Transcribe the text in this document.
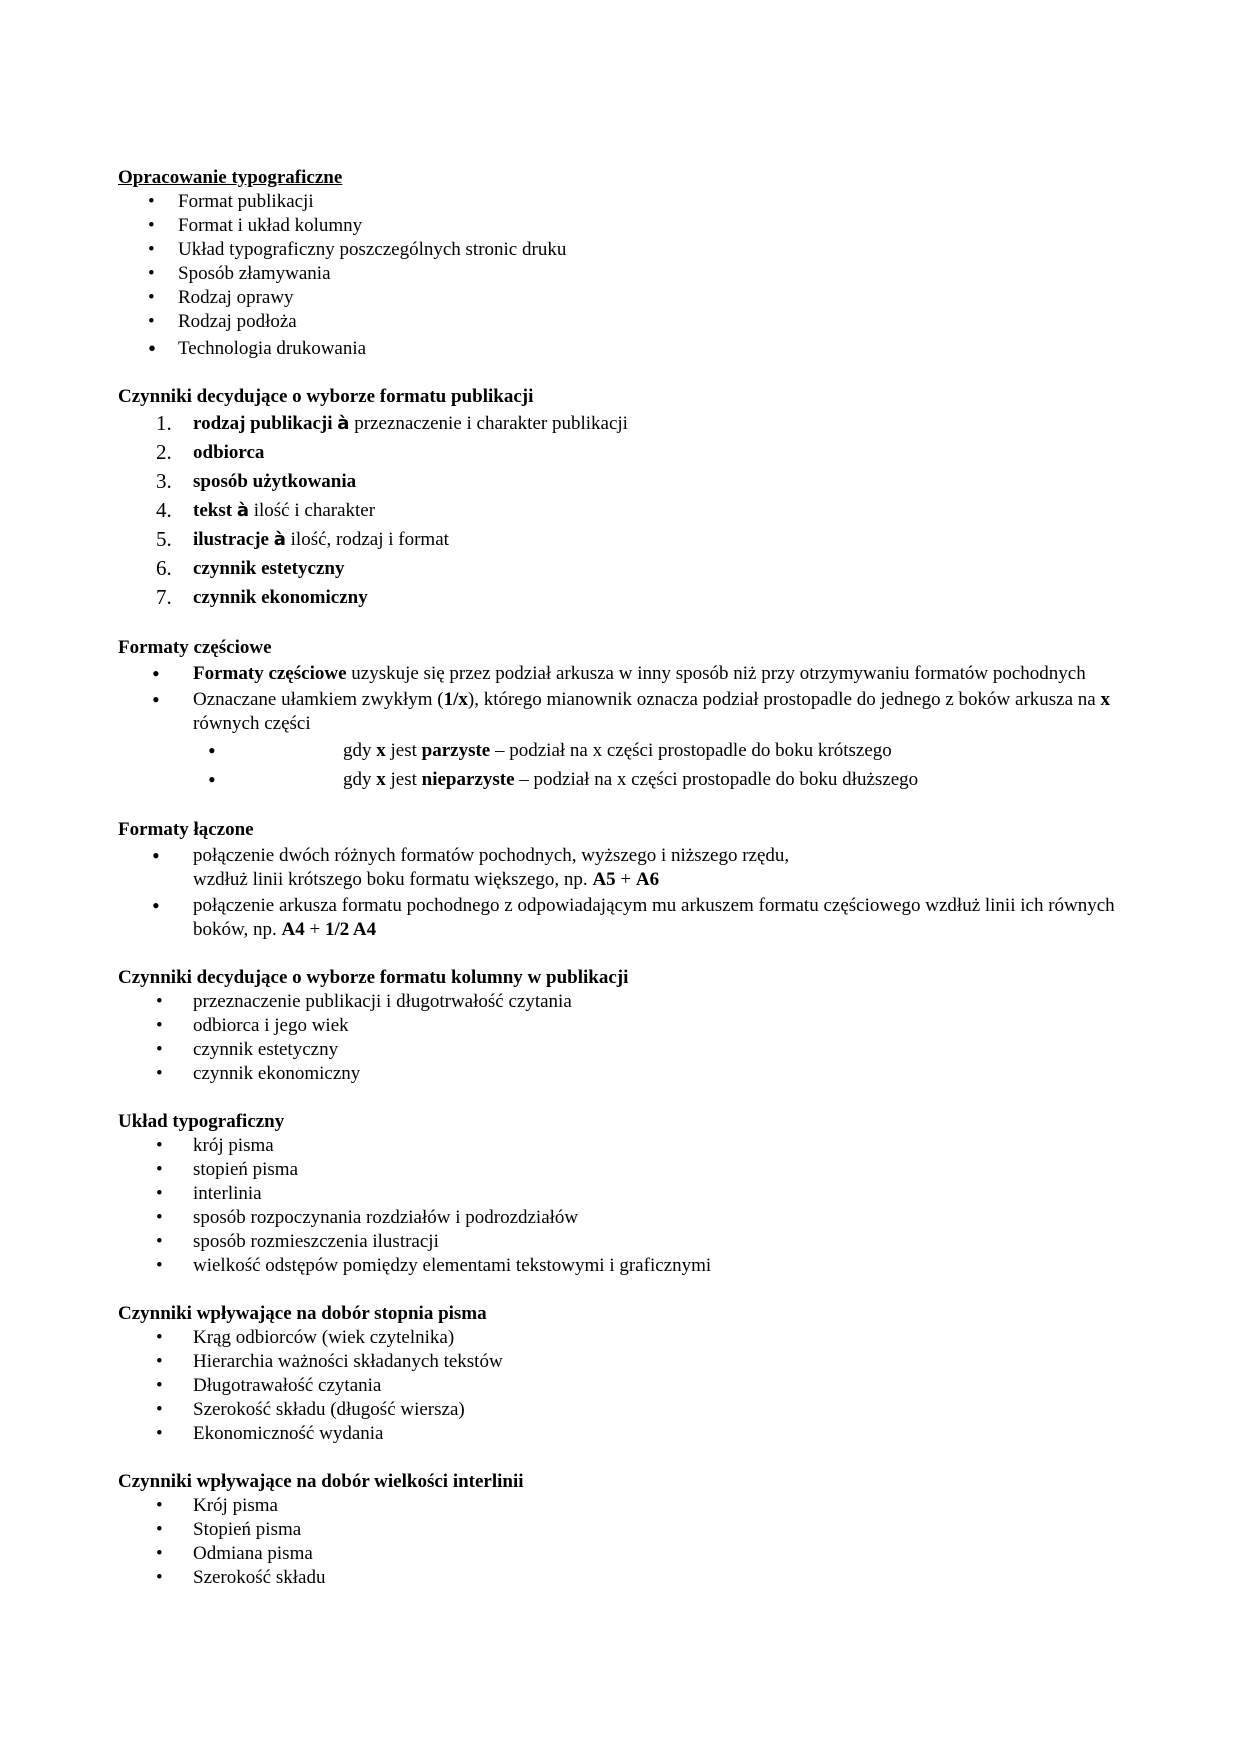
Opracowanie typograficzne
• Format publikacji
• Format i układ kolumny
• Układ typograficzny poszczególnych stronic druku
• Sposób złamywania
• Rodzaj oprawy
• Rodzaj podłoża
• Technologia drukowania
Czynniki decydujące o wyborze formatu publikacji
1. rodzaj publikacji à przeznaczenie i charakter publikacji
2. odbiorca
3. sposób użytkowania
4. tekst à ilość i charakter
5. ilustracje à ilość, rodzaj i format
6. czynnik estetyczny
7. czynnik ekonomiczny
Formaty częściowe
• Formaty częściowe uzyskuje się przez podział arkusza w inny sposób niż przy otrzymywaniu formatów pochodnych
• Oznaczane ułamkiem zwykłym (1/x), którego mianownik oznacza podział prostopadle do jednego z boków arkusza na x równych części
•	gdy x jest parzyste – podział na x części prostopadle do boku krótszego
•	gdy x jest nieparzyste – podział na x części prostopadle do boku dłuższego
Formaty łączone
• połączenie dwóch różnych formatów pochodnych, wyższego i niższego rzędu,
wzdłuż linii krótszego boku formatu większego, np. A5 + A6
• połączenie arkusza formatu pochodnego z odpowiadającym mu arkuszem formatu częściowego wzdłuż linii ich równych boków, np. A4 + 1/2 A4
Czynniki decydujące o wyborze formatu kolumny w publikacji
• przeznaczenie publikacji i długotrwałość czytania
• odbiorca i jego wiek
• czynnik estetyczny
• czynnik ekonomiczny
Układ typograficzny
• krój pisma
• stopień pisma
• interlinia
• sposób rozpoczynania rozdziałów i podrozdziałów
• sposób rozmieszczenia ilustracji
• wielkość odstępów pomiędzy elementami tekstowymi i graficznymi
Czynniki wpływające na dobór stopnia pisma
• Krąg odbiorców (wiek czytelnika)
• Hierarchia ważności składanych tekstów
• Długotrawałość czytania
• Szerokość składu (długość wiersza)
• Ekonomiczność wydania
Czynniki wpływające na dobór wielkości interlinii
• Krój pisma
• Stopień pisma
• Odmiana pisma
• Szerokość składu
